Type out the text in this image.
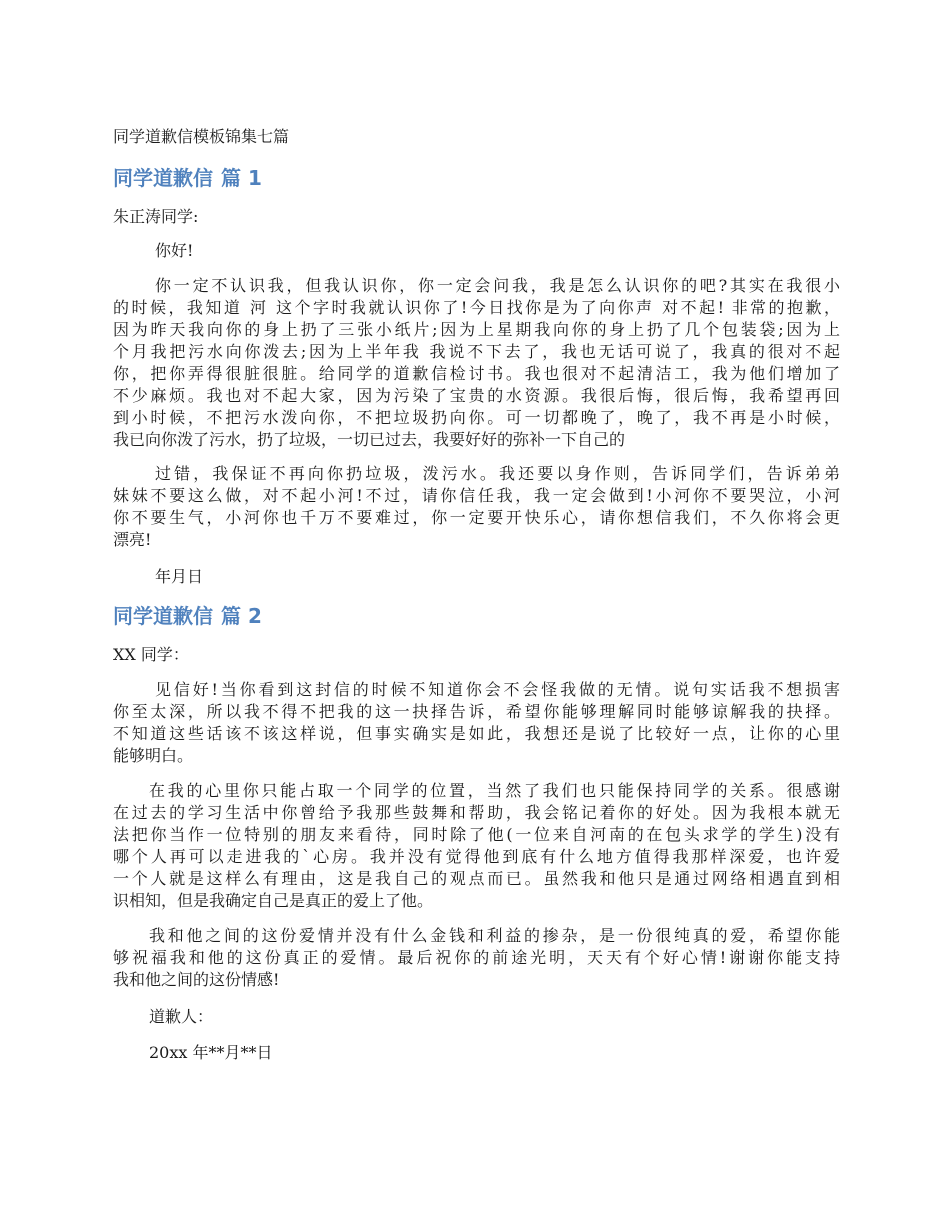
同学道歉信模板锦集七篇
同学道歉信 篇 1
朱正涛同学:
你好!
你一定不认识我，但我认识你，你一定会问我，我是怎么认识你的吧?其实在我很小
的时候，我知道 河 这个字时我就认识你了!今日找你是为了向你声 对不起! 非常的抱歉，
因为昨天我向你的身上扔了三张小纸片;因为上星期我向你的身上扔了几个包装袋;因为上
个月我把污水向你泼去;因为上半年我 我说不下去了，我也无话可说了，我真的很对不起
你，把你弄得很脏很脏。给同学的道歉信检讨书。我也很对不起清洁工，我为他们增加了
不少麻烦。我也对不起大家，因为污染了宝贵的水资源。我很后悔，很后悔，我希望再回
到小时候，不把污水泼向你，不把垃圾扔向你。可一切都晚了，晚了，我不再是小时候，
我已向你泼了污水，扔了垃圾，一切已过去，我要好好的弥补一下自己的
过错，我保证不再向你扔垃圾，泼污水。我还要以身作则，告诉同学们，告诉弟弟
妹妹不要这么做，对不起小河!不过，请你信任我，我一定会做到!小河你不要哭泣，小河
你不要生气，小河你也千万不要难过，你一定要开快乐心，请你想信我们，不久你将会更
漂亮!
年月日
同学道歉信 篇 2
XX 同学：
见信好!当你看到这封信的时候不知道你会不会怪我做的无情。说句实话我不想损害
你至太深，所以我不得不把我的这一抉择告诉，希望你能够理解同时能够谅解我的抉择。
不知道这些话该不该这样说，但事实确实是如此，我想还是说了比较好一点，让你的心里
能够明白。
在我的心里你只能占取一个同学的位置，当然了我们也只能保持同学的关系。很感谢
在过去的学习生活中你曾给予我那些鼓舞和帮助，我会铭记着你的好处。因为我根本就无
法把你当作一位特别的朋友来看待，同时除了他(一位来自河南的在包头求学的学生)没有
哪个人再可以走进我的`心房。我并没有觉得他到底有什么地方值得我那样深爱，也许爱
一个人就是这样么有理由，这是我自己的观点而已。虽然我和他只是通过网络相遇直到相
识相知，但是我确定自己是真正的爱上了他。
我和他之间的这份爱情并没有什么金钱和利益的掺杂，是一份很纯真的爱，希望你能
够祝福我和他的这份真正的爱情。最后祝你的前途光明，天天有个好心情!谢谢你能支持
我和他之间的这份情感!
道歉人：
20xx 年**月**日
